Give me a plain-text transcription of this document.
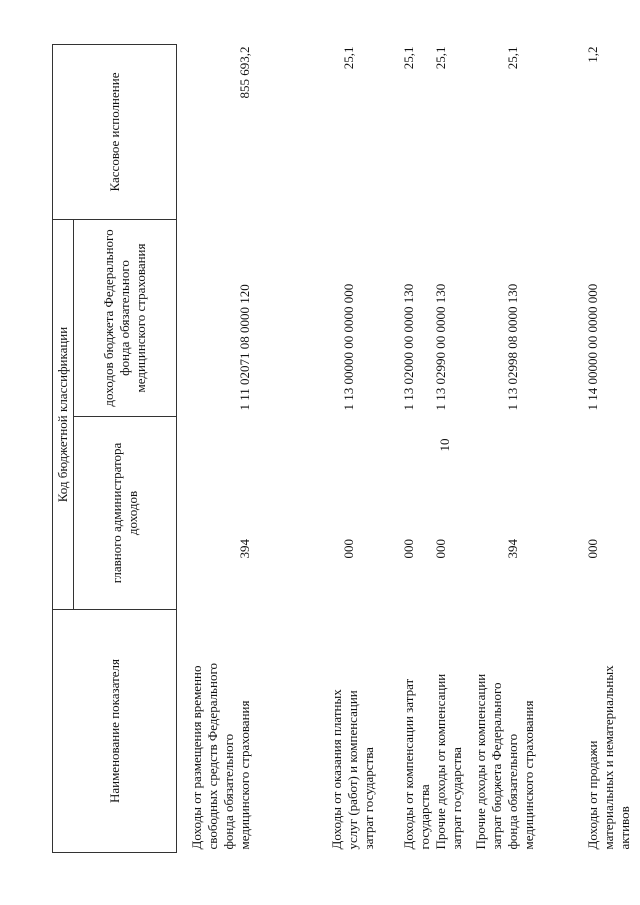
10
Наименование показателя	Код бюджетной классификации		Кассовое исполнение
	главного администратора доходов	доходов бюджета Федерального фонда обязательного медицинского страхования	

Доходы от размещения временно свободных средств Федерального фонда обязательного медицинского страхования	394	1 11 02071 08 0000 120	855 693,2

Доходы от оказания платных услуг (работ) и компенсации затрат государства	000	1 13 00000 00 0000 000	25,1

Доходы от компенсации затрат государства	000	1 13 02000 00 0000 130	25,1

Прочие доходы от компенсации затрат государства	000	1 13 02990 00 0000 130	25,1

Прочие доходы от компенсации затрат бюджета Федерального фонда обязательного медицинского страхования	394	1 13 02998 08 0000 130	25,1

Доходы от продажи материальных и нематериальных активов	000	1 14 00000 00 0000 000	1,2
